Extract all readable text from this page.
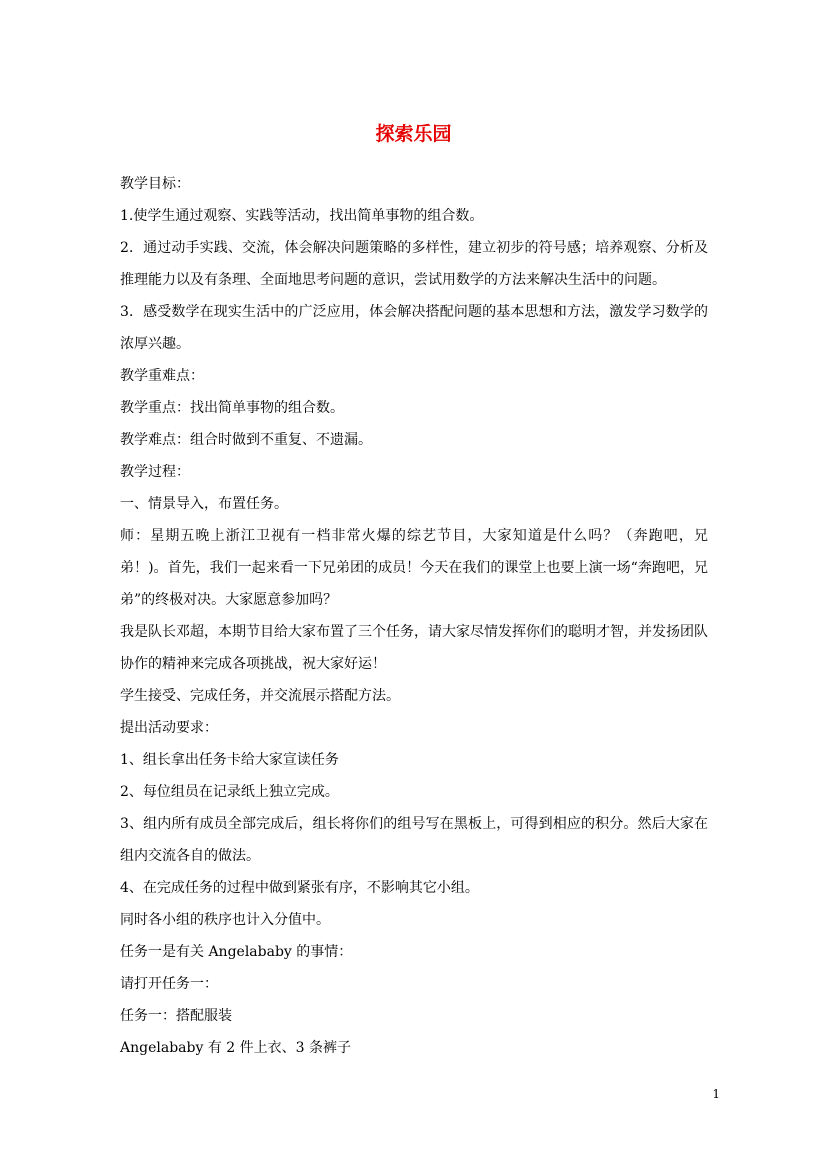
探索乐园

教学目标：

1.使学生通过观察、实践等活动，找出简单事物的组合数。

2．通过动手实践、交流，体会解决问题策略的多样性，建立初步的符号感；培养观察、分析及推理能力以及有条理、全面地思考问题的意识，尝试用数学的方法来解决生活中的问题。

3．感受数学在现实生活中的广泛应用，体会解决搭配问题的基本思想和方法，激发学习数学的浓厚兴趣。

教学重难点：

教学重点：找出简单事物的组合数。

教学难点：组合时做到不重复、不遗漏。

教学过程：

一、情景导入，布置任务。

师：星期五晚上浙江卫视有一档非常火爆的综艺节目，大家知道是什么吗？（奔跑吧，兄弟！)。首先，我们一起来看一下兄弟团的成员！今天在我们的课堂上也要上演一场“奔跑吧，兄弟”的终极对决。大家愿意参加吗？

我是队长邓超，本期节目给大家布置了三个任务，请大家尽情发挥你们的聪明才智，并发扬团队协作的精神来完成各项挑战，祝大家好运！

学生接受、完成任务，并交流展示搭配方法。

提出活动要求：

1、组长拿出任务卡给大家宣读任务

2、每位组员在记录纸上独立完成。

3、组内所有成员全部完成后，组长将你们的组号写在黑板上，可得到相应的积分。然后大家在组内交流各自的做法。

4、在完成任务的过程中做到紧张有序，不影响其它小组。

同时各小组的秩序也计入分值中。

任务一是有关 Angelababy 的事情：

请打开任务一：

任务一：搭配服装

Angelababy 有 2 件上衣、3 条裤子

1
